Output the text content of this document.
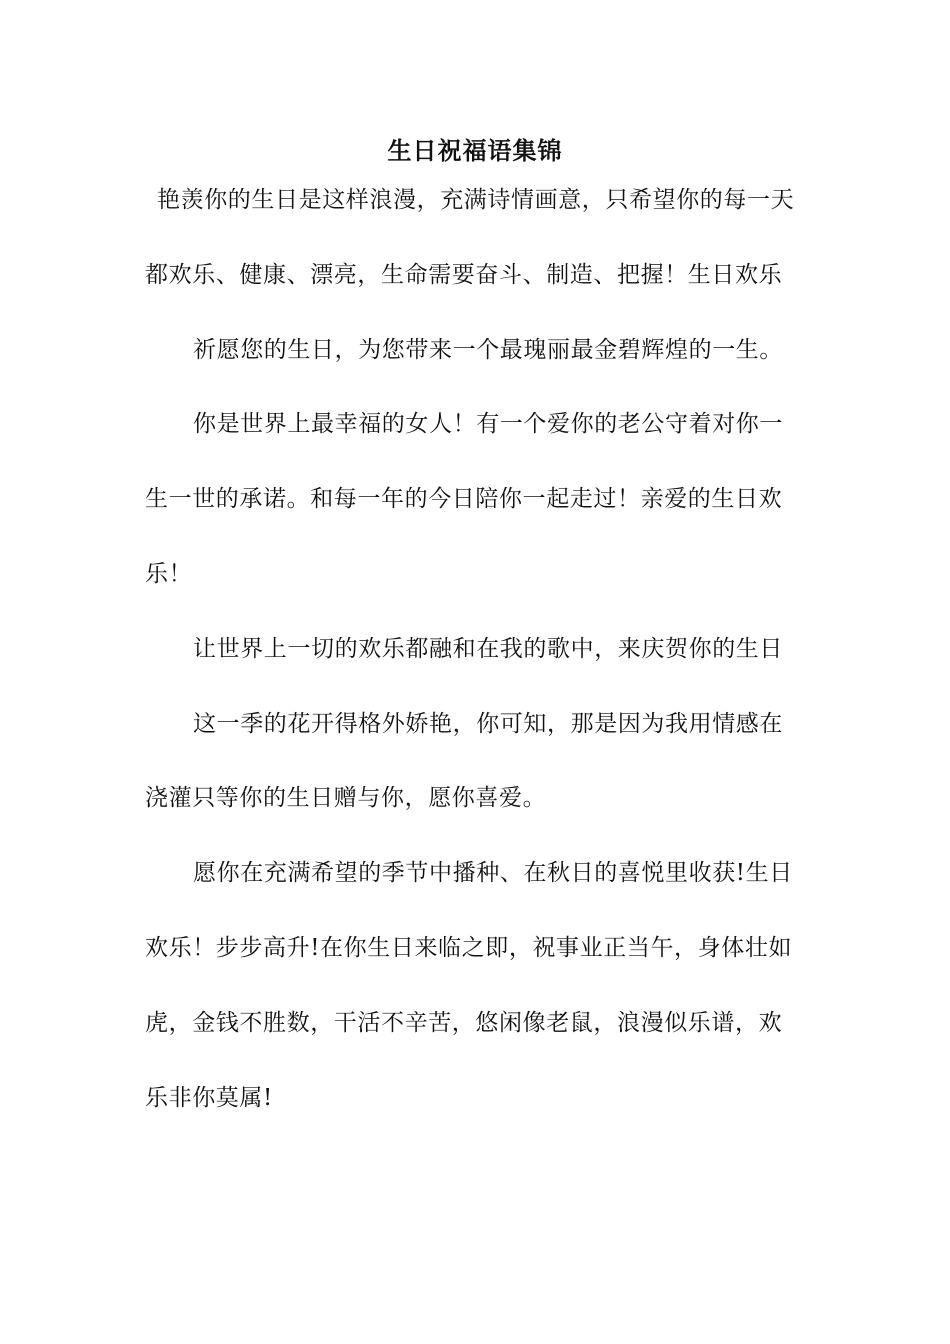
生日祝福语集锦
艳羡你的生日是这样浪漫，充满诗情画意，只希望你的每一天
都欢乐、健康、漂亮，生命需要奋斗、制造、把握！生日欢乐
祈愿您的生日，为您带来一个最瑰丽最金碧辉煌的一生。
你是世界上最幸福的女人！有一个爱你的老公守着对你一
生一世的承诺。和每一年的今日陪你一起走过！亲爱的生日欢
乐！
让世界上一切的欢乐都融和在我的歌中，来庆贺你的生日
这一季的花开得格外娇艳，你可知，那是因为我用情感在
浇灌只等你的生日赠与你，愿你喜爱。
愿你在充满希望的季节中播种、在秋日的喜悦里收获!生日
欢乐！步步高升!在你生日来临之即，祝事业正当午，身体壮如
虎，金钱不胜数，干活不辛苦，悠闲像老鼠，浪漫似乐谱，欢
乐非你莫属!
